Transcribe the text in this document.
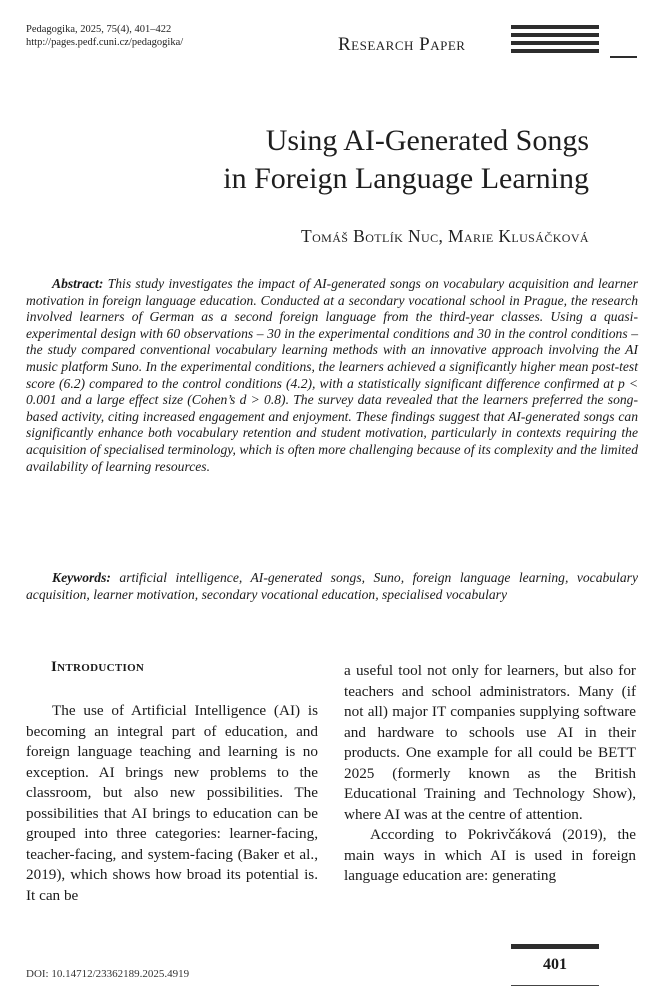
Pedagogika, 2025, 75(4), 401–422
http://pages.pedf.cuni.cz/pedagogika/	Research Paper
Using AI-Generated Songs
in Foreign Language Learning
Tomáš Botlík Nuc, Marie Klusáčková
Abstract: This study investigates the impact of AI-generated songs on vocabulary acquisition and learner motivation in foreign language education. Conducted at a secondary vocational school in Prague, the research involved learners of German as a second foreign language from the third-year classes. Using a quasi-experimental design with 60 observations – 30 in the experimental conditions and 30 in the control conditions – the study compared conventional vocabulary learning methods with an innovative approach involving the AI music platform Suno. In the experimental conditions, the learners achieved a significantly higher mean post-test score (6.2) compared to the control conditions (4.2), with a statistically significant difference confirmed at p < 0.001 and a large effect size (Cohen’s d > 0.8). The survey data revealed that the learners preferred the song-based activity, citing increased engagement and enjoyment. These findings suggest that AI-generated songs can significantly enhance both vocabulary retention and student motivation, particularly in contexts requiring the acquisition of specialised terminology, which is often more challenging because of its complexity and the limited availability of learning resources.
Keywords: artificial intelligence, AI-generated songs, Suno, foreign language learning, vocabulary acquisition, learner motivation, secondary vocational education, specialised vocabulary
Introduction

The use of Artificial Intelligence (AI) is becoming an integral part of education, and foreign language teaching and learning is no exception. AI brings new problems to the classroom, but also new possibilities. The possibilities that AI brings to education can be grouped into three categories: learner-facing, teacher-facing, and system-facing (Baker et al., 2019), which shows how broad its potential is. It can be

a useful tool not only for learners, but also for teachers and school administrators. Many (if not all) major IT companies supplying software and hardware to schools use AI in their products. One example for all could be BETT 2025 (formerly known as the British Educational Training and Technology Show), where AI was at the centre of attention.

According to Pokrivčáková (2019), the main ways in which AI is used in foreign language education are: generating

DOI: 10.14712/23362189.2025.4919
401
